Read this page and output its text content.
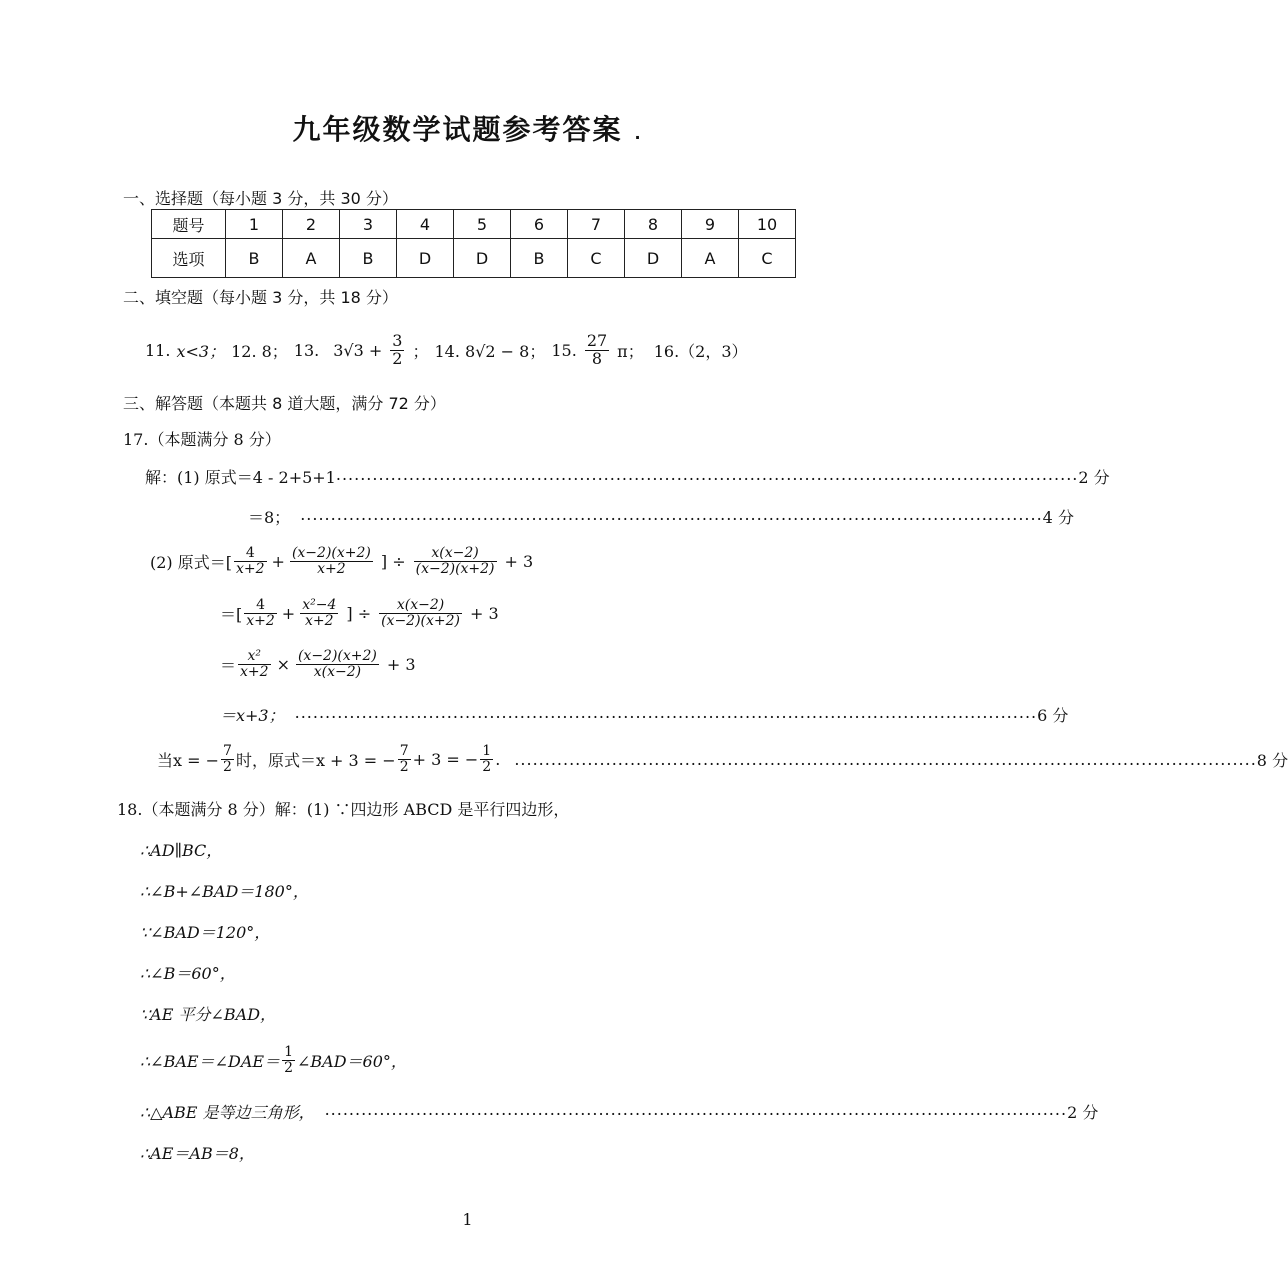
九年级数学试题参考答案 .
一、选择题（每小题 3 分，共 30 分）
题号	1	2	3	4	5	6	7	8	9	10
选项	B	A	B	D	D	B	C	D	A	C
二、填空题（每小题 3 分，共 18 分）
11. x<3； 12. 8； 13. $3√3 + \frac{3}{2}$ ； 14. 8√2 − 8； 15. $\frac{27}{8}$ π； 16.（2，3）
三、解答题（本题共 8 道大题，满分 72 分）
17.（本题满分 8 分）
解：(1) 原式＝4 - 2+5+1 .......................................................................................................................... 2 分
＝8； .......................................................................................................................... 4 分
(2) 原式＝[ $\frac{4}{x+2} + \frac{(x-2)(x+2)}{x+2}$ ] ÷ $\frac{x(x-2)}{(x-2)(x+2)} + 3$
＝[ $\frac{4}{x+2} + \frac{\text{x²−4}}{x+2}$ ] ÷ $\frac{x(x-2)}{(x-2)(x+2)} + 3$
＝ $\frac{\text{x²}}{x+2} \times \frac{(x-2)(x+2)}{x(x-2)} + 3$
＝x+3； .......................................................................................................................... 6 分
当x = − $\frac{7}{2}$ 时，原式＝x + 3 = − $\frac{7}{2} + 3$ = − $\frac{1}{2}$ . .......................................................................................................................... 8 分
18.（本题满分 8 分）解：(1) ∵四边形 ABCD 是平行四边形，
∴AD∥BC，
∴∠B+∠BAD＝180°，
∵∠BAD＝120°，
∴∠B＝60°，
∵AE 平分∠BAD，
∴∠BAE＝∠DAE＝ $\frac{1}{2}$ ∠BAD＝60°，
∴△ABE 是等边三角形， .......................................................................................................................... 2 分
∴AE＝AB＝8，
1
